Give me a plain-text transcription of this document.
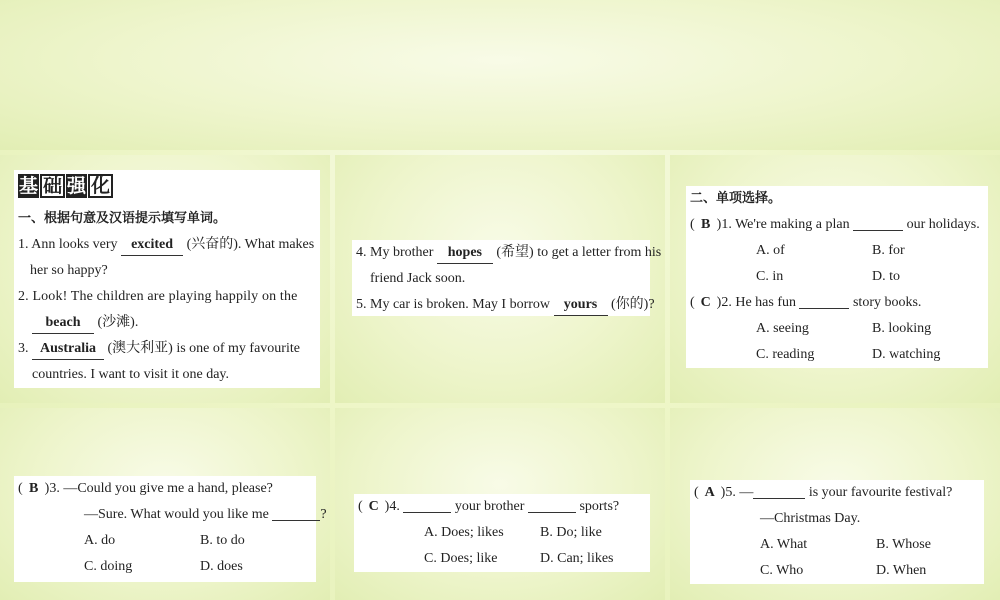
基 础 强 化
一、根据句意及汉语提示填写单词。
1. Ann looks very excited (兴奋的). What makes
her so happy?
2. Look! The children are playing happily on the
beach (沙滩).
3. Australia (澳大利亚) is one of my favourite
countries. I want to visit it one day.
4. My brother hopes (希望) to get a letter from his
friend Jack soon.
5. My car is broken. May I borrow yours (你的)?
二、单项选择。
( B )1. We're making a plan	our holidays.
A. of	B. for
C. in	D. to
( C )2. He has fun	story books.
A. seeing	B. looking
C. reading	D. watching
( B )3. —Could you give me a hand, please?
—Sure. What would you like me	?
A. do	B. to do
C. doing	D. does
( C )4.	your brother	sports?
A. Does; likes	B. Do; like
C. Does; like	D. Can; likes
( A )5. —	is your favourite festival?
—Christmas Day.
A. What	B. Whose
C. Who	D. When
